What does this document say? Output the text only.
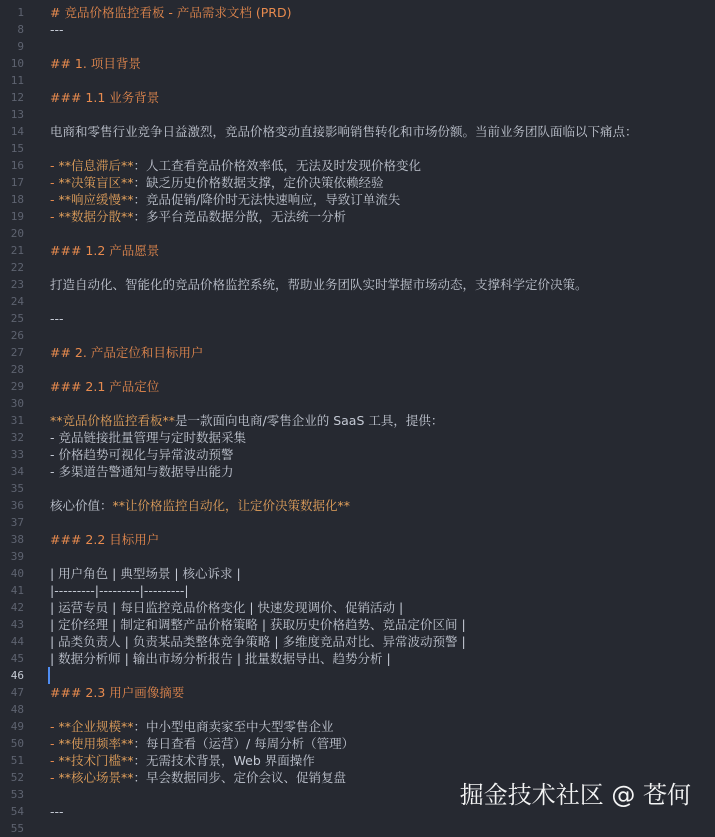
1 # 竞品价格监控看板 - 产品需求文档 (PRD)
8 ---
9
10 ## 1. 项目背景
11
12 ### 1.1 业务背景
13
14 电商和零售行业竞争日益激烈，竞品价格变动直接影响销售转化和市场份额。当前业务团队面临以下痛点：
15
16 - **信息滞后**：人工查看竞品价格效率低，无法及时发现价格变化
17 - **决策盲区**：缺乏历史价格数据支撑，定价决策依赖经验
18 - **响应缓慢**：竞品促销/降价时无法快速响应，导致订单流失
19 - **数据分散**：多平台竞品数据分散，无法统一分析
20
21 ### 1.2 产品愿景
22
23 打造自动化、智能化的竞品价格监控系统，帮助业务团队实时掌握市场动态，支撑科学定价决策。
24
25 ---
26
27 ## 2. 产品定位和目标用户
28
29 ### 2.1 产品定位
30
31 **竞品价格监控看板**是一款面向电商/零售企业的 SaaS 工具，提供：
32 - 竞品链接批量管理与定时数据采集
33 - 价格趋势可视化与异常波动预警
34 - 多渠道告警通知与数据导出能力
35
36 核心价值：**让价格监控自动化，让定价决策数据化**
37
38 ### 2.2 目标用户
39
40 | 用户角色 | 典型场景 | 核心诉求 |
41 |---------|---------|---------|
42 | 运营专员 | 每日监控竞品价格变化 | 快速发现调价、促销活动 |
43 | 定价经理 | 制定和调整产品价格策略 | 获取历史价格趋势、竞品定价区间 |
44 | 品类负责人 | 负责某品类整体竞争策略 | 多维度竞品对比、异常波动预警 |
45 | 数据分析师 | 输出市场分析报告 | 批量数据导出、趋势分析 |
46
47 ### 2.3 用户画像摘要
48
49 - **企业规模**：中小型电商卖家至中大型零售企业
50 - **使用频率**：每日查看（运营）/ 每周分析（管理）
51 - **技术门槛**：无需技术背景，Web 界面操作
52 - **核心场景**：早会数据同步、定价会议、促销复盘
53
54 ---
55
掘金技术社区 @ 苍何
